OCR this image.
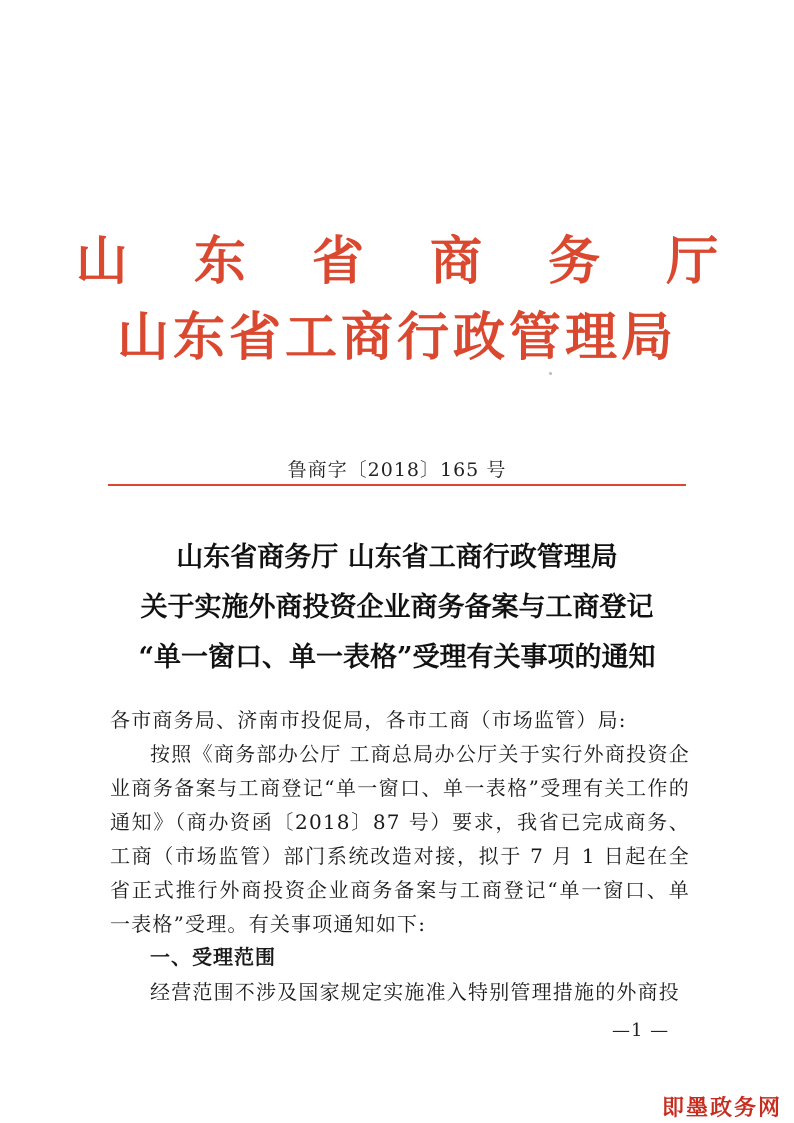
山 东 省 商 务 厅
山东省工商行政管理局
鲁商字〔2018〕165 号
山东省商务厅 山东省工商行政管理局
关于实施外商投资企业商务备案与工商登记
“单一窗口、单一表格”受理有关事项的通知
各市商务局、济南市投促局，各市工商（市场监管）局:
按照《商务部办公厅 工商总局办公厅关于实行外商投资企业商务备案与工商登记“单一窗口、单一表格”受理有关工作的通知》（商办资函〔2018〕87 号）要求，我省已完成商务、工商（市场监管）部门系统改造对接，拟于 7 月 1 日起在全省正式推行外商投资企业商务备案与工商登记“单一窗口、单一表格”受理。有关事项通知如下:
一、受理范围
经营范围不涉及国家规定实施准入特别管理措施的外商投
—1 —
即墨政务网
